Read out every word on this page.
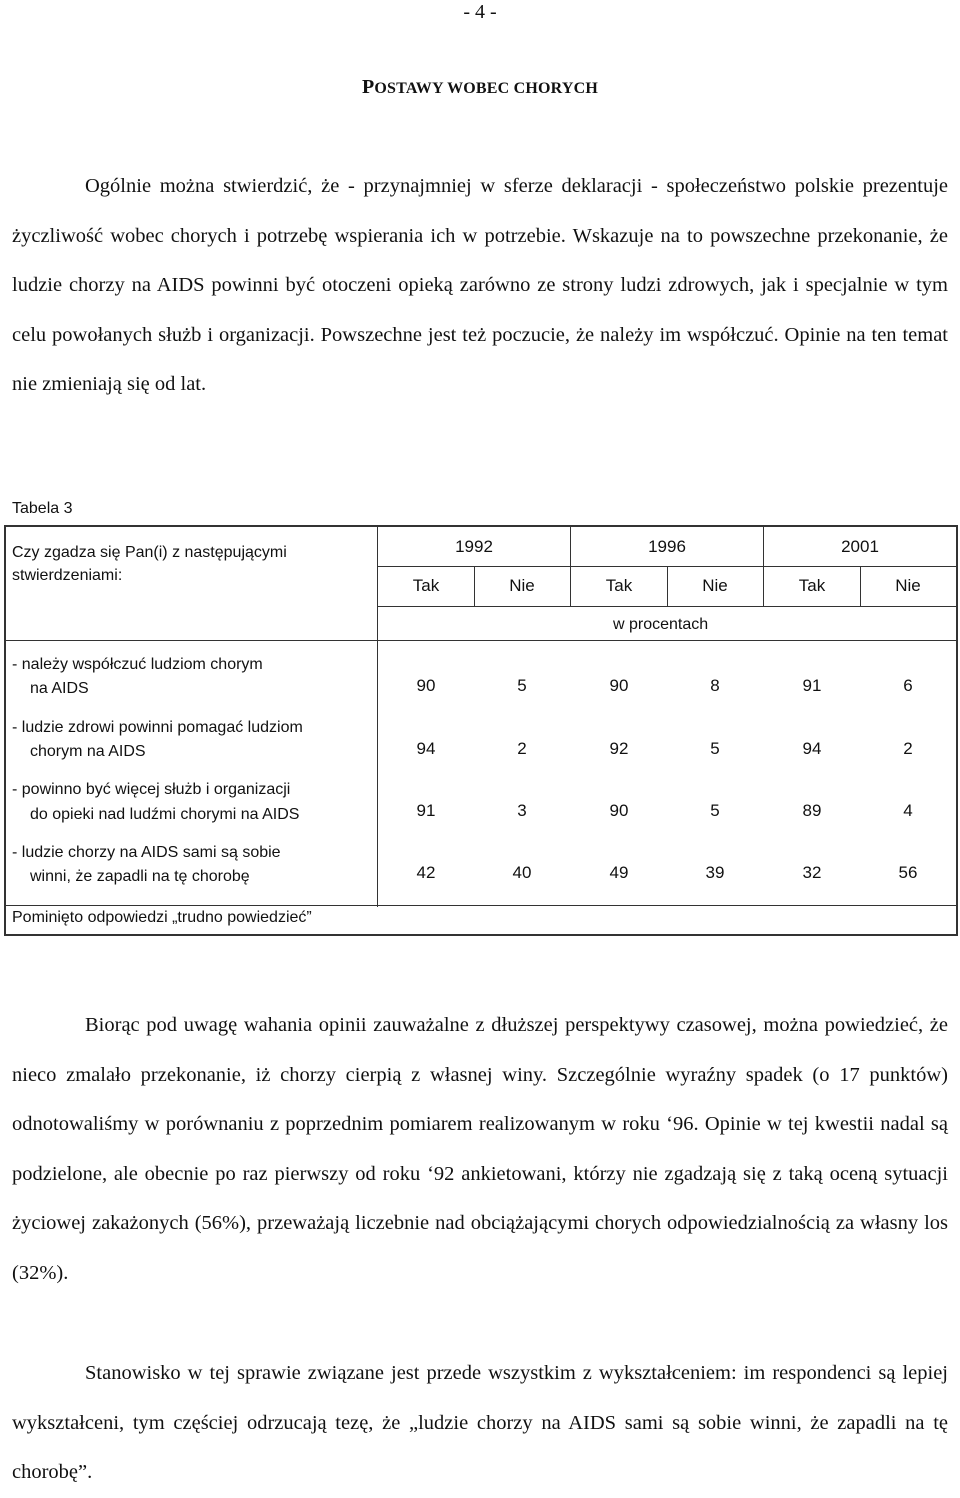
- 4 -
POSTAWY WOBEC CHORYCH

Ogólnie można stwierdzić, że - przynajmniej w sferze deklaracji - społeczeństwo polskie prezentuje życzliwość wobec chorych i potrzebę wspierania ich w potrzebie. Wskazuje na to powszechne przekonanie, że ludzie chorzy na AIDS powinni być otoczeni opieką zarówno ze strony ludzi zdrowych, jak i specjalnie w tym celu powołanych służb i organizacji. Powszechne jest też poczucie, że należy im współczuć. Opinie na ten temat nie zmieniają się od lat.

Tabela 3
Czy zgadza się Pan(i) z następującymi
stwierdzeniami:
1992	1996	2001
Tak	Nie	Tak	Nie	Tak	Nie
w procentach
- należy współczuć ludziom chorym
na AIDS	90	5	90	8	91	6
- ludzie zdrowi powinni pomagać ludziom
chorym na AIDS	94	2	92	5	94	2
- powinno być więcej służb i organizacji
do opieki nad ludźmi chorymi na AIDS	91	3	90	5	89	4
- ludzie chorzy na AIDS sami są sobie
winni, że zapadli na tę chorobę	42	40	49	39	32	56
Pominięto odpowiedzi „trudno powiedzieć”

Biorąc pod uwagę wahania opinii zauważalne z dłuższej perspektywy czasowej, można powiedzieć, że nieco zmalało przekonanie, iż chorzy cierpią z własnej winy. Szczególnie wyraźny spadek (o 17 punktów) odnotowaliśmy w porównaniu z poprzednim pomiarem realizowanym w roku ‘96. Opinie w tej kwestii nadal są podzielone, ale obecnie po raz pierwszy od roku ‘92 ankietowani, którzy nie zgadzają się z taką oceną sytuacji życiowej zakażonych (56%), przeważają liczebnie nad obciążającymi chorych odpowiedzialnością za własny los (32%).

Stanowisko w tej sprawie związane jest przede wszystkim z wykształceniem: im respondenci są lepiej wykształceni, tym częściej odrzucają tezę, że „ludzie chorzy na AIDS sami są sobie winni, że zapadli na tę chorobę”.
